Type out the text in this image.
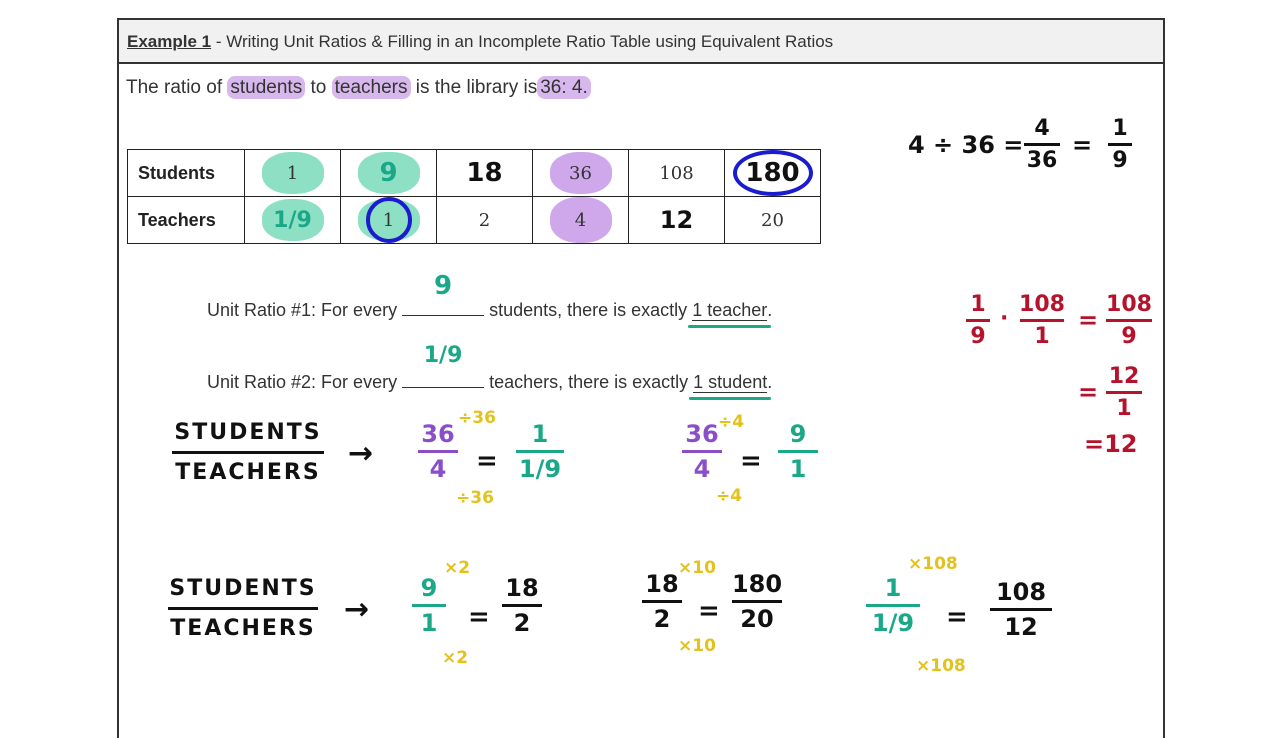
Example 1 - Writing Unit Ratios & Filling in an Incomplete Ratio Table using Equivalent Ratios
The ratio of students to teachers is the library is 36: 4.
Students	1	9	18	36	108	180
Teachers	1/9	1	2	4	12	20
4 ÷ 36 =
4
36
=
1
9
1
9
·
108
1
=
108
9
=
12
1
=12
Unit Ratio #1: For every
9
students, there is exactly 1 teacher
.
Unit Ratio #2: For every
1/9
teachers, there is exactly 1 student
.
STUDENTS
TEACHERS
→
36
4
÷36
÷36
=
1
1/9
36
4
÷4
÷4
=
9
1
STUDENTS
TEACHERS
→
9
1
×2
×2
=
18
2
18
2
×10
×10
=
180
20
1
1/9
×108
×108
=
108
12
